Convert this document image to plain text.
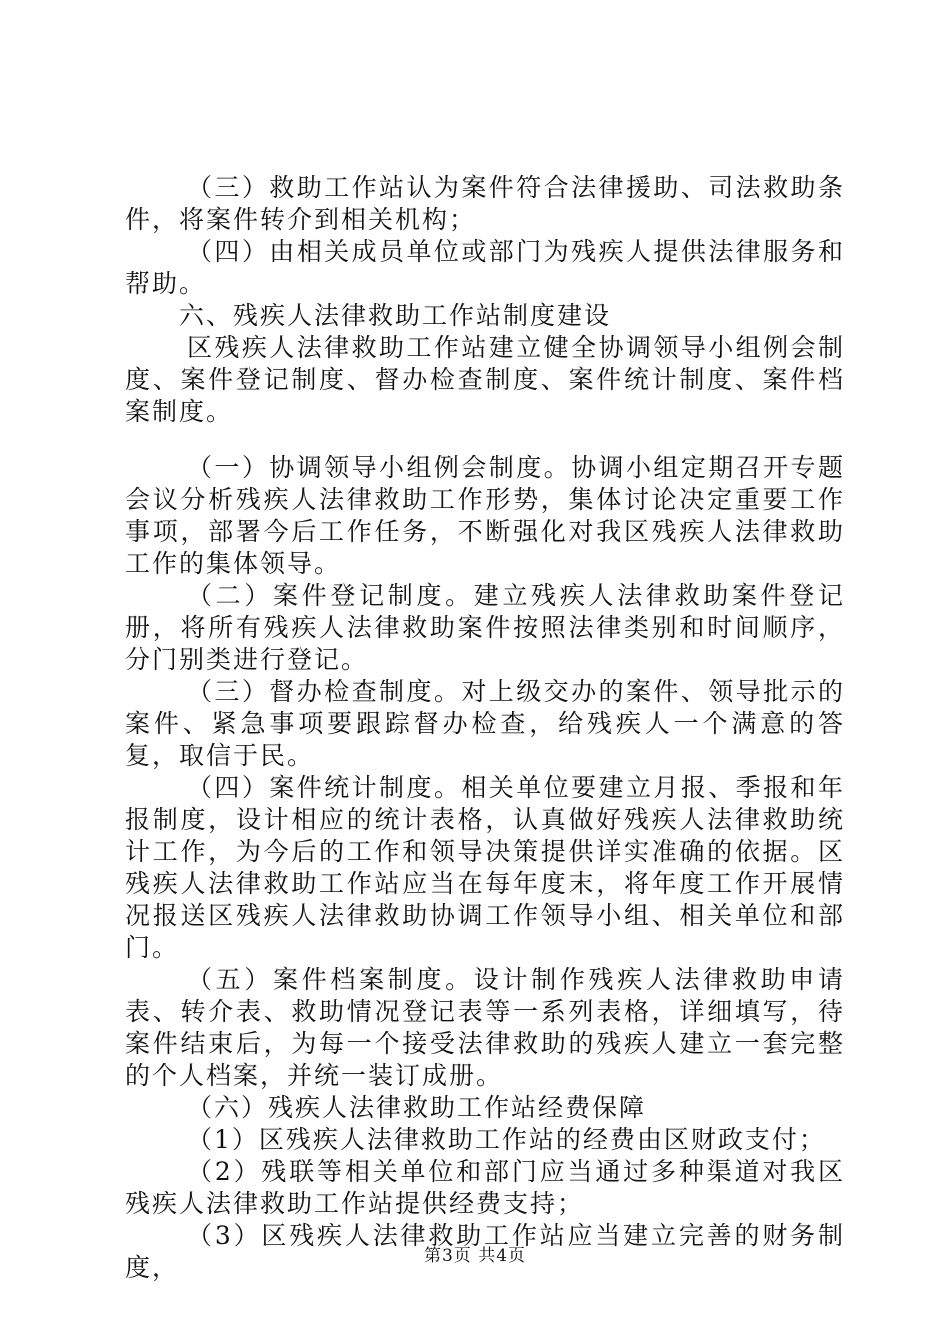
（三）救助工作站认为案件符合法律援助、司法救助条件，将案件转介到相关机构；

（四）由相关成员单位或部门为残疾人提供法律服务和帮助。

六、残疾人法律救助工作站制度建设

区残疾人法律救助工作站建立健全协调领导小组例会制度、案件登记制度、督办检查制度、案件统计制度、案件档案制度。

（一）协调领导小组例会制度。协调小组定期召开专题会议分析残疾人法律救助工作形势，集体讨论决定重要工作事项，部署今后工作任务，不断强化对我区残疾人法律救助工作的集体领导。

（二）案件登记制度。建立残疾人法律救助案件登记册，将所有残疾人法律救助案件按照法律类别和时间顺序，分门别类进行登记。

（三）督办检查制度。对上级交办的案件、领导批示的案件、紧急事项要跟踪督办检查，给残疾人一个满意的答复，取信于民。

（四）案件统计制度。相关单位要建立月报、季报和年报制度，设计相应的统计表格，认真做好残疾人法律救助统计工作，为今后的工作和领导决策提供详实准确的依据。区残疾人法律救助工作站应当在每年度末，将年度工作开展情况报送区残疾人法律救助协调工作领导小组、相关单位和部门。

（五）案件档案制度。设计制作残疾人法律救助申请表、转介表、救助情况登记表等一系列表格，详细填写，待案件结束后，为每一个接受法律救助的残疾人建立一套完整的个人档案，并统一装订成册。

（六）残疾人法律救助工作站经费保障

（1）区残疾人法律救助工作站的经费由区财政支付；

（2）残联等相关单位和部门应当通过多种渠道对我区残疾人法律救助工作站提供经费支持；

（3）区残疾人法律救助工作站应当建立完善的财务制度，	第3页 共4页
